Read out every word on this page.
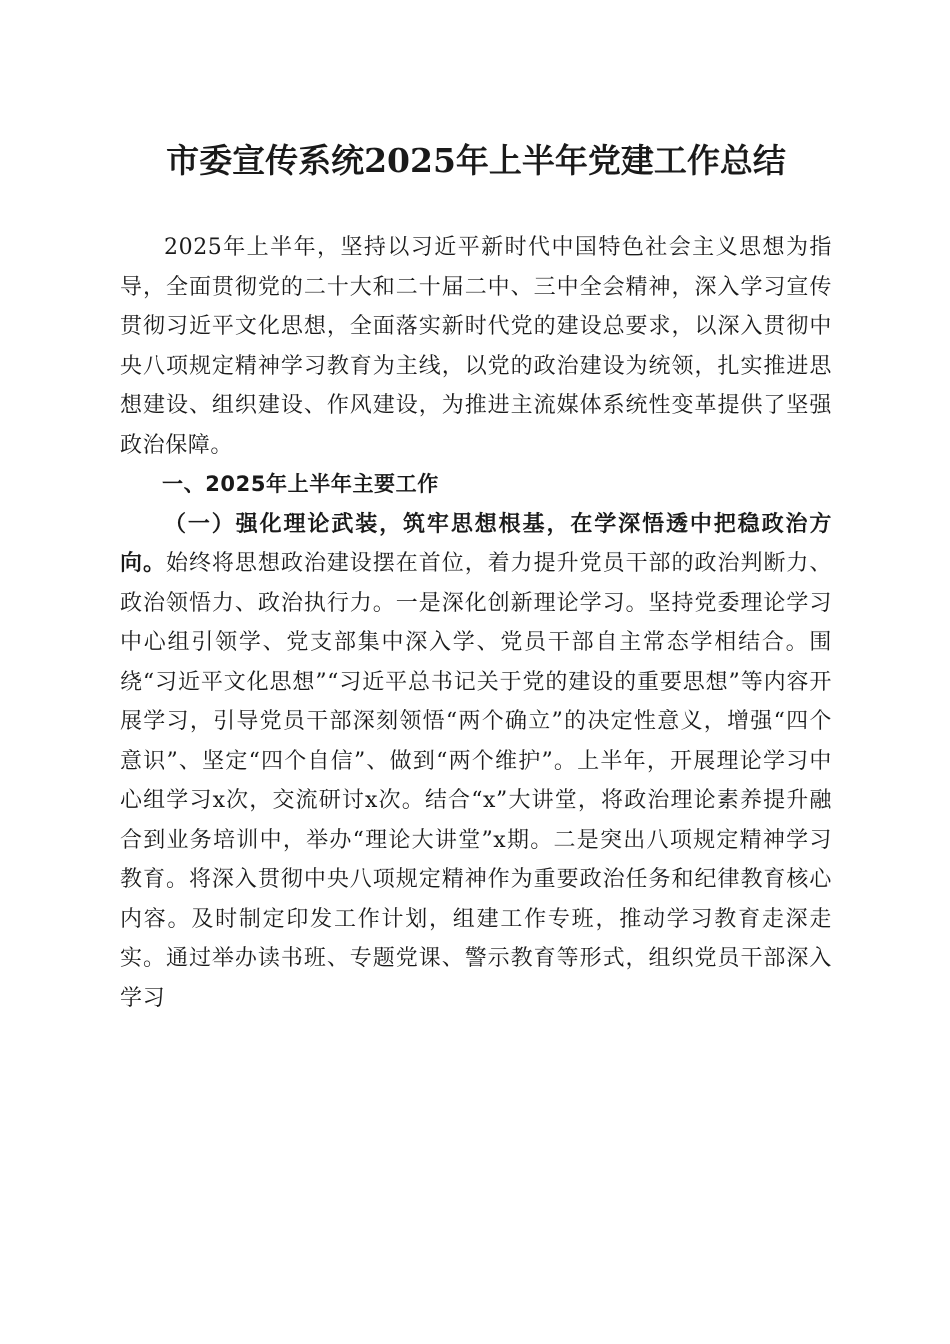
市委宣传系统2025年上半年党建工作总结

2025年上半年，坚持以习近平新时代中国特色社会主义思想为指导，全面贯彻党的二十大和二十届二中、三中全会精神，深入学习宣传贯彻习近平文化思想，全面落实新时代党的建设总要求，以深入贯彻中央八项规定精神学习教育为主线，以党的政治建设为统领，扎实推进思想建设、组织建设、作风建设，为推进主流媒体系统性变革提供了坚强政治保障。

一、2025年上半年主要工作

（一）强化理论武装，筑牢思想根基，在学深悟透中把稳政治方向。始终将思想政治建设摆在首位，着力提升党员干部的政治判断力、政治领悟力、政治执行力。一是深化创新理论学习。坚持党委理论学习中心组引领学、党支部集中深入学、党员干部自主常态学相结合。围绕“习近平文化思想”“习近平总书记关于党的建设的重要思想”等内容开展学习，引导党员干部深刻领悟“两个确立”的决定性意义，增强“四个意识”、坚定“四个自信”、做到“两个维护”。上半年，开展理论学习中心组学习x次，交流研讨x次。结合“x”大讲堂，将政治理论素养提升融合到业务培训中，举办“理论大讲堂”x期。二是突出八项规定精神学习教育。将深入贯彻中央八项规定精神作为重要政治任务和纪律教育核心内容。及时制定印发工作计划，组建工作专班，推动学习教育走深走实。通过举办读书班、专题党课、警示教育等形式，组织党员干部深入学习
